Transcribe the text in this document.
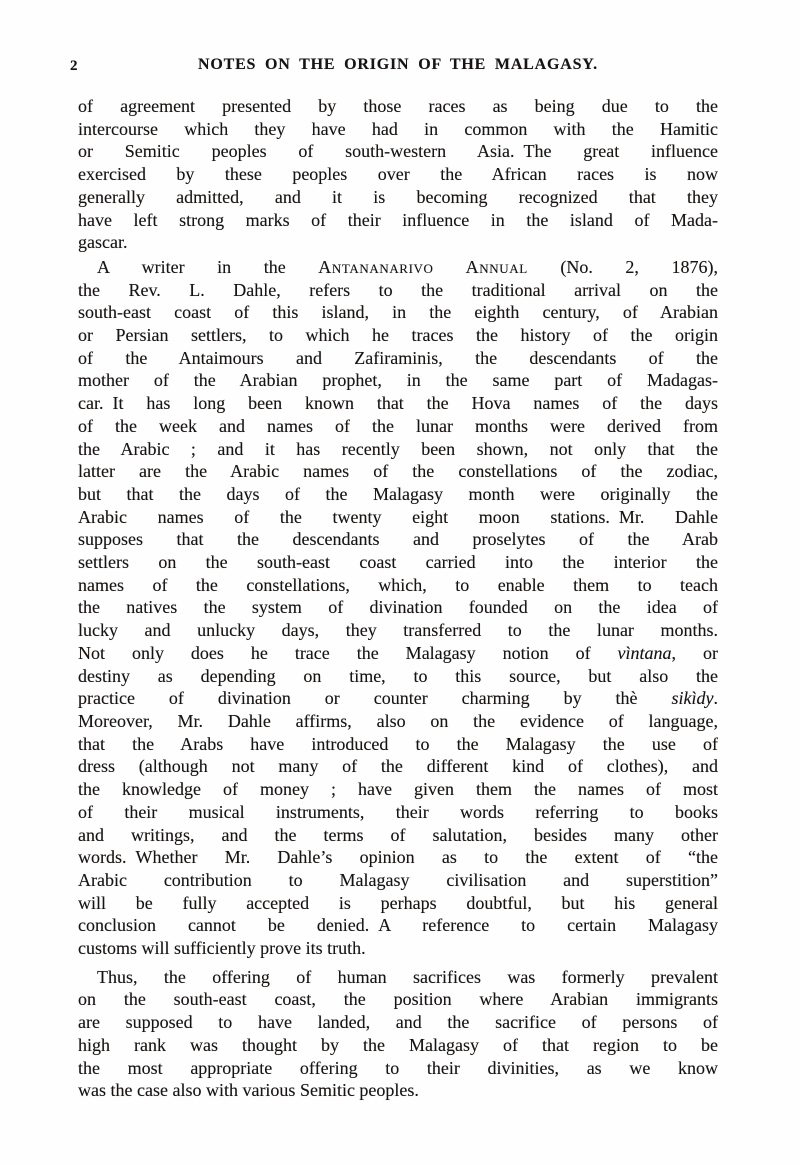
2	NOTES ON THE ORIGIN OF THE MALAGASY.
of agreement presented by those races as being due to the
intercourse which they have had in common with the Hamitic
or Semitic peoples of south-western Asia. The great influence
exercised by these peoples over the African races is now
generally admitted, and it is becoming recognized that they
have left strong marks of their influence in the island of Mada-
gascar.
A writer in the Antananarivo Annual (No. 2, 1876),
the Rev. L. Dahle, refers to the traditional arrival on the
south-east coast of this island, in the eighth century, of Arabian
or Persian settlers, to which he traces the history of the origin
of the Antaimours and Zafiraminis, the descendants of the
mother of the Arabian prophet, in the same part of Madagas-
car. It has long been known that the Hova names of the days
of the week and names of the lunar months were derived from
the Arabic ; and it has recently been shown, not only that the
latter are the Arabic names of the constellations of the zodiac,
but that the days of the Malagasy month were originally the
Arabic names of the twenty eight moon stations. Mr. Dahle
supposes that the descendants and proselytes of the Arab
settlers on the south-east coast carried into the interior the
names of the constellations, which, to enable them to teach
the natives the system of divination founded on the idea of
lucky and unlucky days, they transferred to the lunar months.
Not only does he trace the Malagasy notion of vìntana, or
destiny as depending on time, to this source, but also the
practice of divination or counter charming by thè sikìdy.
Moreover, Mr. Dahle affirms, also on the evidence of language,
that the Arabs have introduced to the Malagasy the use of
dress (although not many of the different kind of clothes), and
the knowledge of money ; have given them the names of most
of their musical instruments, their words referring to books
and writings, and the terms of salutation, besides many other
words. Whether Mr. Dahle’s opinion as to the extent of “the
Arabic contribution to Malagasy civilisation and superstition”
will be fully accepted is perhaps doubtful, but his general
conclusion cannot be denied. A reference to certain Malagasy
customs will sufficiently prove its truth.
Thus, the offering of human sacrifices was formerly prevalent
on the south-east coast, the position where Arabian immigrants
are supposed to have landed, and the sacrifice of persons of
high rank was thought by the Malagasy of that region to be
the most appropriate offering to their divinities, as we know
was the case also with various Semitic peoples.
